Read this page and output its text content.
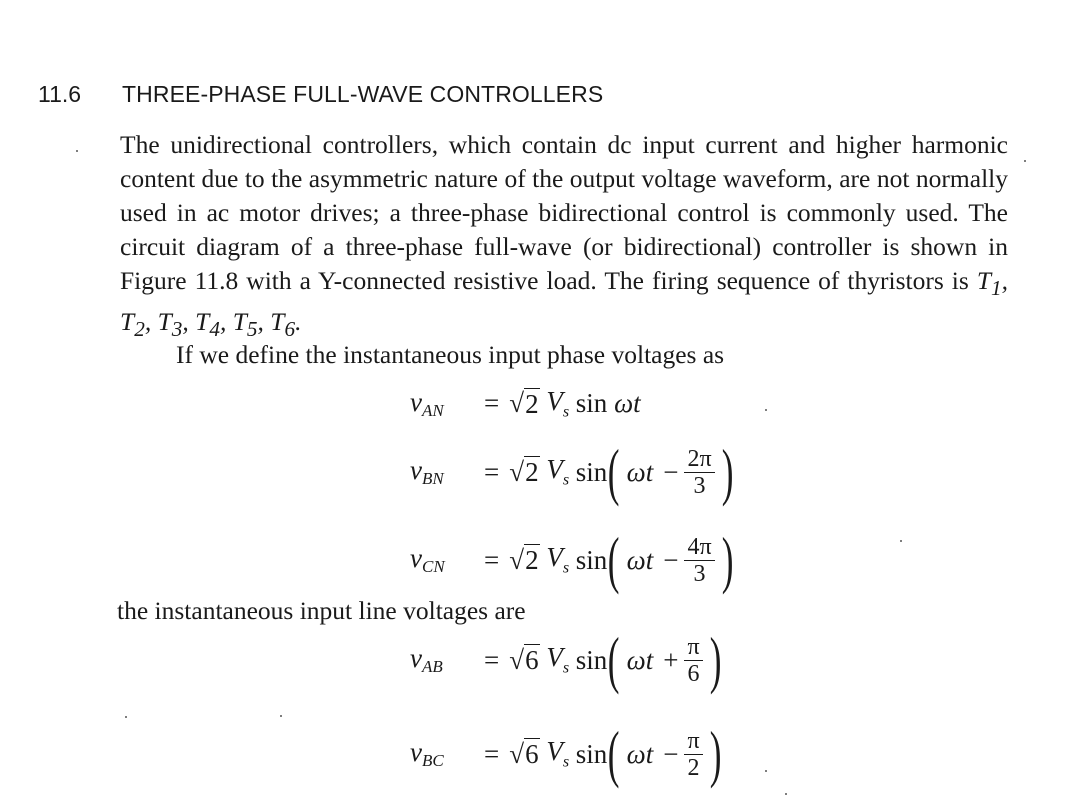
11.6 THREE-PHASE FULL-WAVE CONTROLLERS
The unidirectional controllers, which contain dc input current and higher harmonic content due to the asymmetric nature of the output voltage waveform, are not normally used in ac motor drives; a three-phase bidirectional control is commonly used. The circuit diagram of a three-phase full-wave (or bidirectional) controller is shown in Figure 11.8 with a Y-connected resistive load. The firing sequence of thyristors is $T_1$, $T_2$, $T_3$, $T_4$, $T_5$, $T_6$.
If we define the instantaneous input phase voltages as
$v_{AN}$	= √ 2
$V_s$
sin
ωt
$v_{BN}$	= √ 2
$V_s$
sin ( $\omega t - \frac{2\pi}{3}$ )
$v_{CN}$	= √ 2
$V_s$
sin ( $\omega t - \frac{4\pi}{3}$ )
the instantaneous input line voltages are
$v_{AB}$	= √ 6
$V_s$
sin ( $\omega t + \frac{\pi}{6}$ )
$v_{BC}$	= √ 6
$V_s$
sin ( $\omega t - \frac{\pi}{2}$ )
